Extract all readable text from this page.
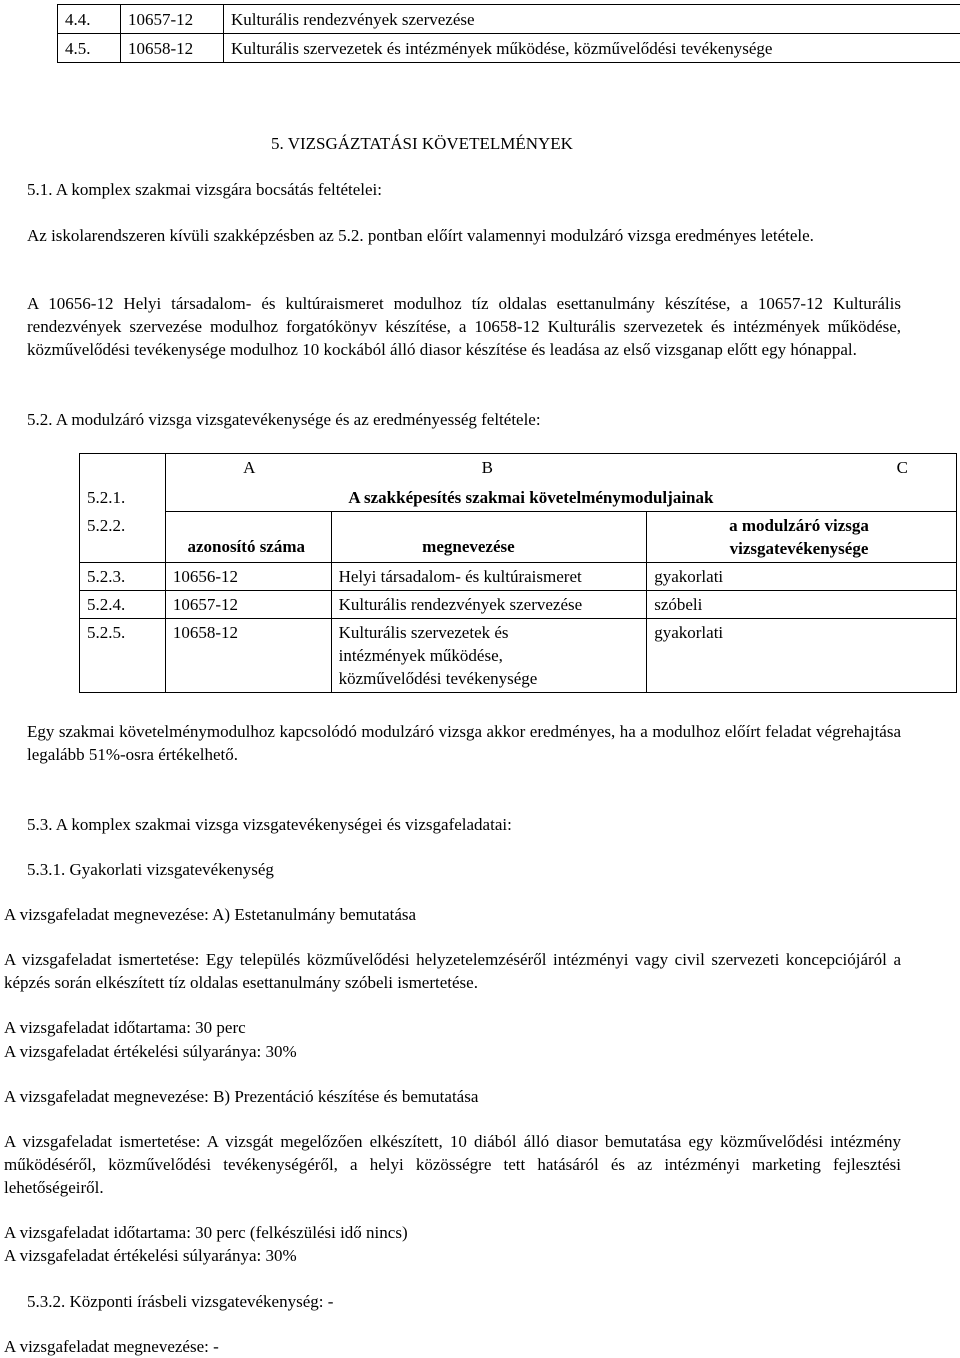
4.4.	10657-12	Kulturális rendezvények szervezése
4.5.	10658-12	Kulturális szervezetek és intézmények működése, közművelődési tevékenysége
5. VIZSGÁZTATÁSI KÖVETELMÉNYEK
5.1. A komplex szakmai vizsgára bocsátás feltételei:

Az iskolarendszeren kívüli szakképzésben az 5.2. pontban előírt valamennyi modulzáró vizsga eredményes letétele.

A 10656-12 Helyi társadalom- és kultúraismeret modulhoz tíz oldalas esettanulmány készítése, a 10657-12 Kulturális rendezvények szervezése modulhoz forgatókönyv készítése, a 10658-12 Kulturális szervezetek és intézmények működése, közművelődési tevékenysége modulhoz 10 kockából álló diasor készítése és leadása az első vizsganap előtt egy hónappal.

5.2. A modulzáró vizsga vizsgatevékenysége és az eredményesség feltétele:
	A B		C
5.2.1.	A szakképesítés szakmai követelménymoduljainak		
5.2.2.	azonosító száma	megnevezése	a modulzáró vizsga vizsgatevékenysége
5.2.3.	10656-12	Helyi társadalom- és kultúraismeret	gyakorlati
5.2.4.	10657-12	Kulturális rendezvények szervezése	szóbeli
5.2.5.	10658-12	Kulturális szervezetek és intézmények működése, közművelődési tevékenysége	gyakorlati

Egy szakmai követelménymodulhoz kapcsolódó modulzáró vizsga akkor eredményes, ha a modulhoz előírt feladat végrehajtása legalább 51%-osra értékelhető.

5.3. A komplex szakmai vizsga vizsgatevékenységei és vizsgafeladatai:
5.3.1. Gyakorlati vizsgatevékenység
A vizsgafeladat megnevezése: A) Estetanulmány bemutatása

A vizsgafeladat ismertetése: Egy település közművelődési helyzetelemzéséről intézményi vagy civil szervezeti koncepciójáról a képzés során elkészített tíz oldalas esettanulmány szóbeli ismertetése.

A vizsgafeladat időtartama: 30 perc
A vizsgafeladat értékelési súlyaránya: 30%
A vizsgafeladat megnevezése: B) Prezentáció készítése és bemutatása

A vizsgafeladat ismertetése: A vizsgát megelőzően elkészített, 10 diából álló diasor bemutatása egy közművelődési intézmény működéséről, közművelődési tevékenységéről, a helyi közösségre tett hatásáról és az intézményi marketing fejlesztési lehetőségeiről.

A vizsgafeladat időtartama: 30 perc (felkészülési idő nincs)
A vizsgafeladat értékelési súlyaránya: 30%
5.3.2. Központi írásbeli vizsgatevékenység: -
A vizsgafeladat megnevezése: -
